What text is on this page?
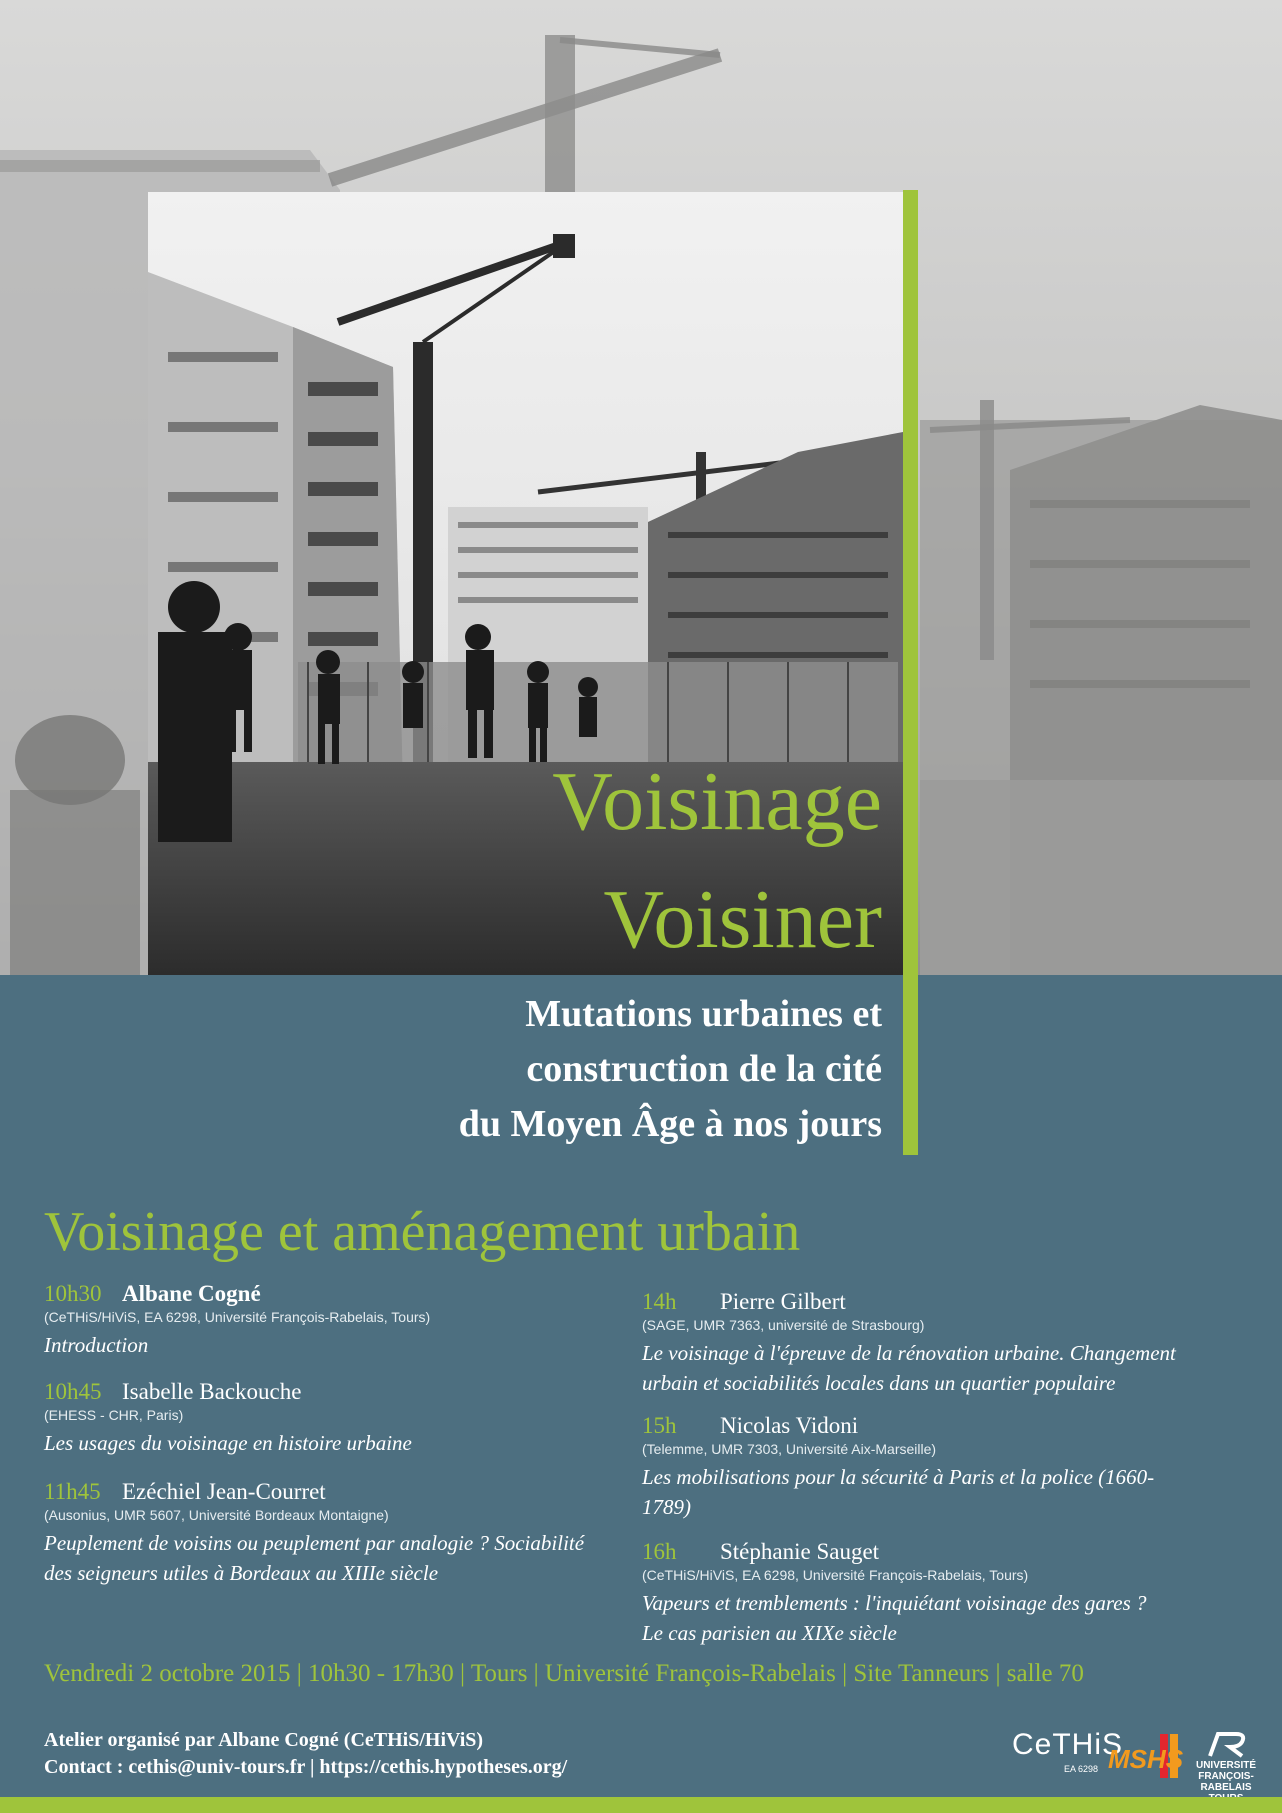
Voisinage
Voisiner
Mutations urbaines et
construction de la cité
du Moyen Âge à nos jours
Voisinage et aménagement urbain
10h30 Albane Cogné
(CeTHiS/HiViS, EA 6298, Université François-Rabelais, Tours)
Introduction
10h45 Isabelle Backouche
(EHESS - CHR, Paris)
Les usages du voisinage en histoire urbaine
11h45 Ezéchiel Jean-Courret
(Ausonius, UMR 5607, Université Bordeaux Montaigne)
Peuplement de voisins ou peuplement par analogie ? Sociabilité
des seigneurs utiles à Bordeaux au XIIIe siècle
14h Pierre Gilbert
(SAGE, UMR 7363, université de Strasbourg)
Le voisinage à l'épreuve de la rénovation urbaine. Changement
urbain et sociabilités locales dans un quartier populaire
15h Nicolas Vidoni
(Telemme, UMR 7303, Université Aix-Marseille)
Les mobilisations pour la sécurité à Paris et la police (1660-1789)
16h Stéphanie Sauget
(CeTHiS/HiViS, EA 6298, Université François-Rabelais, Tours)
Vapeurs et tremblements : l'inquiétant voisinage des gares ?
Le cas parisien au XIXe siècle
Vendredi 2 octobre 2015 | 10h30 - 17h30 | Tours | Université François-Rabelais | Site Tanneurs | salle 70
Atelier organisé par Albane Cogné (CeTHiS/HiViS)
Contact : cethis@univ-tours.fr | https://cethis.hypotheses.org/
CeTHiS
EA 6298 MSHS	UNIVERSITÉ FRANÇOIS-RABELAIS
